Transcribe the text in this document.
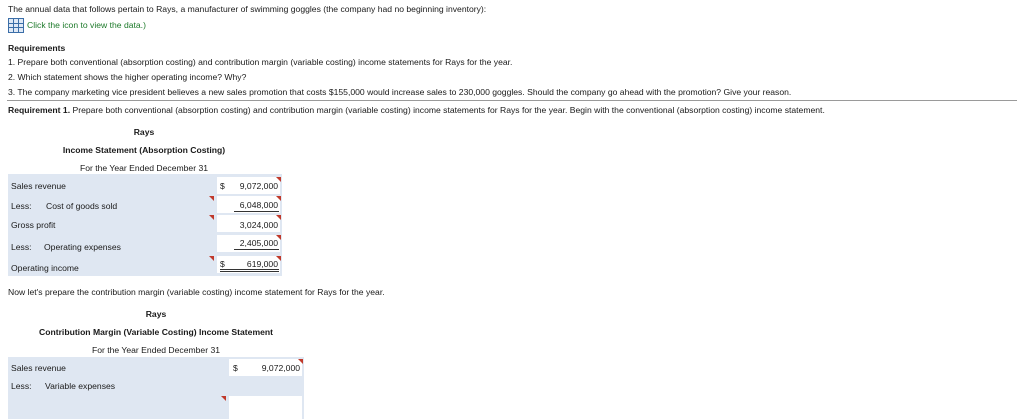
The annual data that follows pertain to Rays, a manufacturer of swimming goggles (the company had no beginning inventory):
Click the icon to view the data.)
Requirements
1. Prepare both conventional (absorption costing) and contribution margin (variable costing) income statements for Rays for the year.
2. Which statement shows the higher operating income? Why?
3. The company marketing vice president believes a new sales promotion that costs $155,000 would increase sales to 230,000 goggles. Should the company go ahead with the promotion? Give your reason.
Requirement 1. Prepare both conventional (absorption costing) and contribution margin (variable costing) income statements for Rays for the year. Begin with the conventional (absorption costing) income statement.
Rays
Income Statement (Absorption Costing)
For the Year Ended December 31
Sales revenue	$	9,072,000
Less: Cost of goods sold	6,048,000
Gross profit	3,024,000
Less: Operating expenses	2,405,000
Operating income	$	619,000
Now let's prepare the contribution margin (variable costing) income statement for Rays for the year.
Rays
Contribution Margin (Variable Costing) Income Statement
For the Year Ended December 31
Sales revenue	$	9,072,000
Less: Variable expenses
